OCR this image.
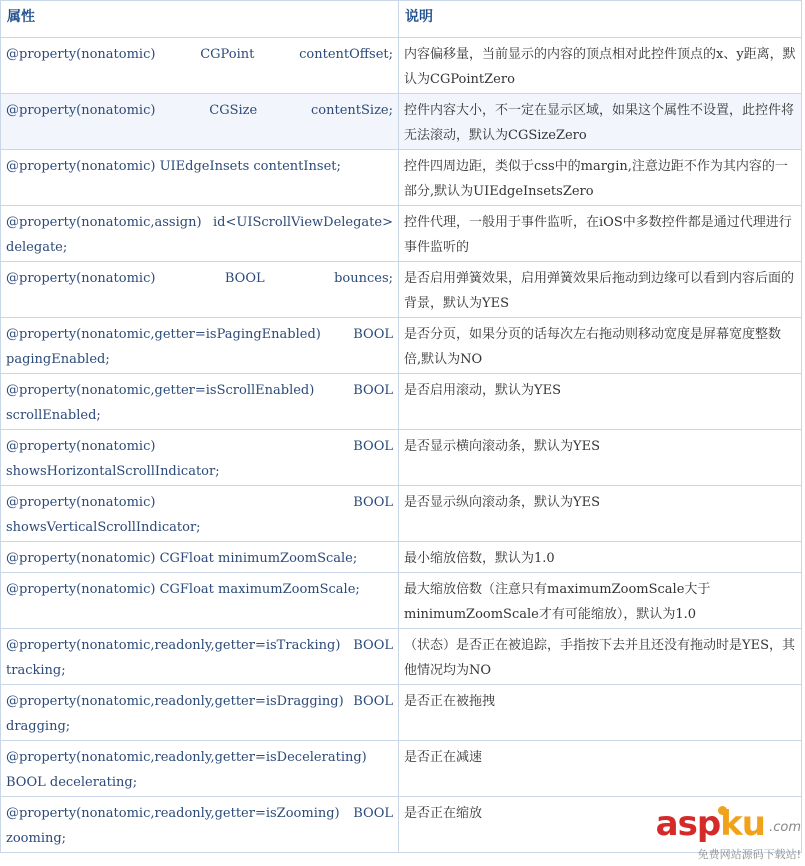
属性	说明
@property(nonatomic) CGPoint contentOffset;	内容偏移量，当前显示的内容的顶点相对此控件顶点的x、y距离，默认为CGPointZero
@property(nonatomic) CGSize contentSize;	控件内容大小，不一定在显示区域，如果这个属性不设置，此控件将无法滚动，默认为CGSizeZero
@property(nonatomic) UIEdgeInsets contentInset;	控件四周边距，类似于css中的margin,注意边距不作为其内容的一部分,默认为UIEdgeInsetsZero
@property(nonatomic,assign) id<UIScrollViewDelegate> delegate;	控件代理，一般用于事件监听，在iOS中多数控件都是通过代理进行事件监听的
@property(nonatomic) BOOL bounces;	是否启用弹簧效果，启用弹簧效果后拖动到边缘可以看到内容后面的背景，默认为YES
@property(nonatomic,getter=isPagingEnabled) BOOL pagingEnabled;	是否分页，如果分页的话每次左右拖动则移动宽度是屏幕宽度整数倍,默认为NO
@property(nonatomic,getter=isScrollEnabled) BOOL scrollEnabled;	是否启用滚动，默认为YES
@property(nonatomic) BOOL showsHorizontalScrollIndicator;	是否显示横向滚动条，默认为YES
@property(nonatomic) BOOL showsVerticalScrollIndicator;	是否显示纵向滚动条，默认为YES
@property(nonatomic) CGFloat minimumZoomScale;	最小缩放倍数，默认为1.0
@property(nonatomic) CGFloat maximumZoomScale;	最大缩放倍数（注意只有maximumZoomScale大于minimumZoomScale才有可能缩放），默认为1.0
@property(nonatomic,readonly,getter=isTracking) BOOL tracking;	（状态）是否正在被追踪，手指按下去并且还没有拖动时是YES，其他情况均为NO
@property(nonatomic,readonly,getter=isDragging) BOOL dragging;	是否正在被拖拽
@property(nonatomic,readonly,getter=isDecelerating) BOOL decelerating;	是否正在减速
@property(nonatomic,readonly,getter=isZooming) BOOL zooming;	是否正在缩放	aspku .com
免费网站源码下载站!
